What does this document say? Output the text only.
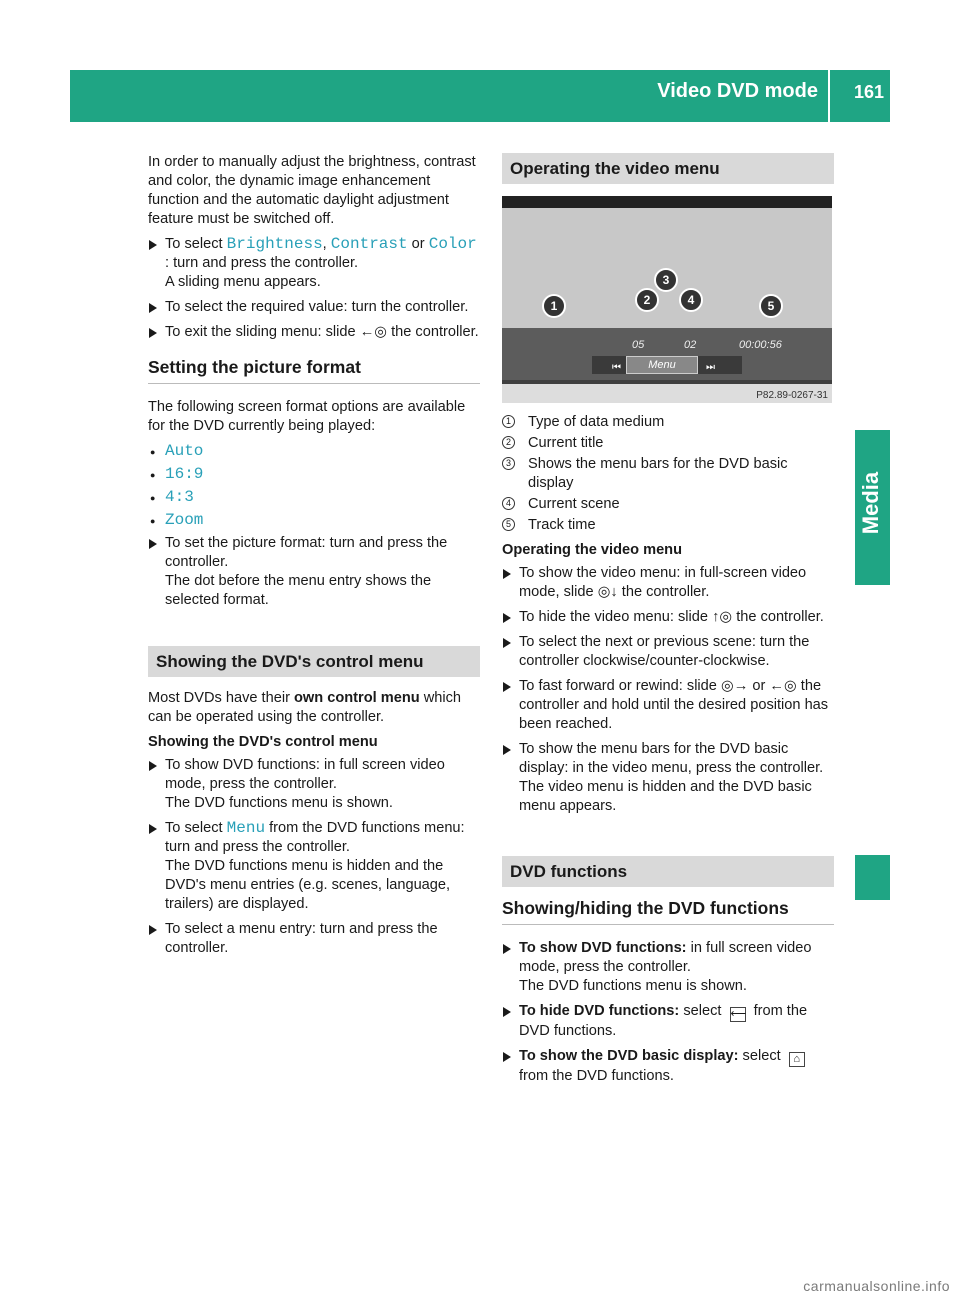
Video DVD mode 161
Media

In order to manually adjust the brightness, contrast and color, the dynamic image enhancement function and the automatic daylight adjustment feature must be switched off.

To select Brightness, Contrast or Color : turn and press the controller.
A sliding menu appears.
To select the required value: turn the controller.
To exit the sliding menu: slide ←◎ the controller.
Setting the picture format

The following screen format options are available for the DVD currently being played:

● Auto
● 16:9
● 4:3
● Zoom
To set the picture format: turn and press the controller.
The dot before the menu entry shows the selected format.
Showing the DVD's control menu

Most DVDs have their own control menu which can be operated using the controller.

Showing the DVD's control menu
To show DVD functions: in full screen video mode, press the controller.
The DVD functions menu is shown.
To select Menu from the DVD functions menu: turn and press the controller.
The DVD functions menu is hidden and the DVD's menu entries (e.g. scenes, language, trailers) are displayed.
To select a menu entry: turn and press the controller.
Operating the video menu
1	2
3
4	5
05	02	00:00:56
⏮	Menu	⏭
P82.89-0267-31
1 Type of data medium
2 Current title
3 Shows the menu bars for the DVD basic display
4 Current scene
5 Track time
Operating the video menu
To show the video menu: in full-screen video mode, slide ◎↓ the controller.
To hide the video menu: slide ↑◎ the controller.
To select the next or previous scene: turn the controller clockwise/counter-clockwise.
To fast forward or rewind: slide ◎→ or ←◎ the controller and hold until the desired position has been reached.
To show the menu bars for the DVD basic display: in the video menu, press the controller.
The video menu is hidden and the DVD basic menu appears.
DVD functions
Showing/hiding the DVD functions
To show DVD functions: in full screen video mode, press the controller.
The DVD functions menu is shown.
To hide DVD functions: select ⟵ from the DVD functions.
To show the DVD basic display: select ⌂ from the DVD functions.
carmanualsonline.info
